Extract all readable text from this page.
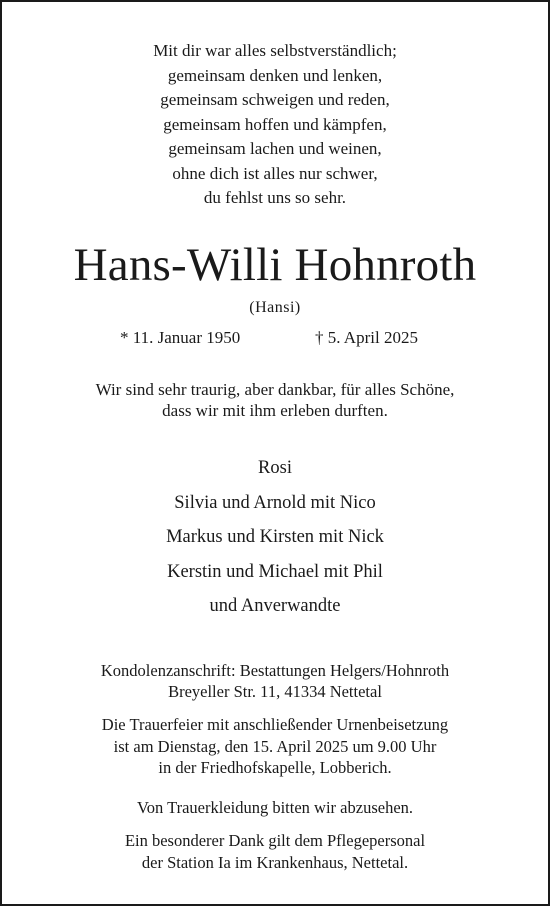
Mit dir war alles selbstverständlich;
gemeinsam denken und lenken,
gemeinsam schweigen und reden,
gemeinsam hoffen und kämpfen,
gemeinsam lachen und weinen,
ohne dich ist alles nur schwer,
du fehlst uns so sehr.
Hans-Willi Hohnroth
(Hansi)
* 11. Januar 1950	† 5. April 2025
Wir sind sehr traurig, aber dankbar, für alles Schöne,
dass wir mit ihm erleben durften.
Rosi
Silvia und Arnold mit Nico
Markus und Kirsten mit Nick
Kerstin und Michael mit Phil
und Anverwandte
Kondolenzanschrift: Bestattungen Helgers/Hohnroth
Breyeller Str. 11, 41334 Nettetal
Die Trauerfeier mit anschließender Urnenbeisetzung
ist am Dienstag, den 15. April 2025 um 9.00 Uhr
in der Friedhofskapelle, Lobberich.
Von Trauerkleidung bitten wir abzusehen.
Ein besonderer Dank gilt dem Pflegepersonal
der Station Ia im Krankenhaus, Nettetal.
